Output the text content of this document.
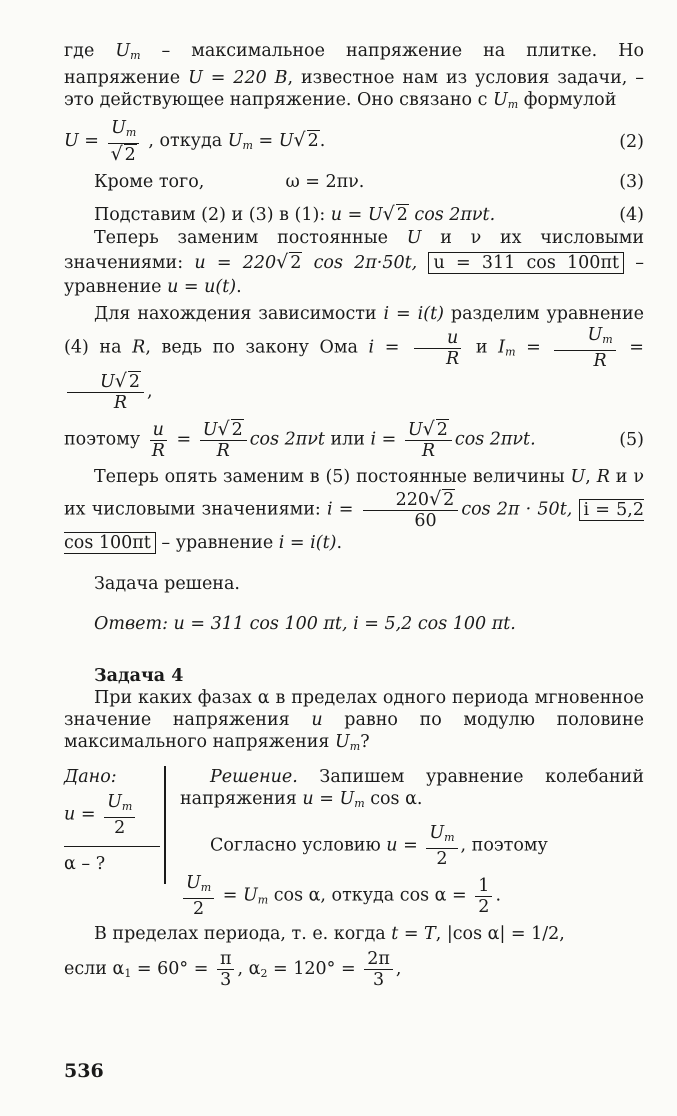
где $U_m$ – максимальное напряжение на плитке. Но напряжение U = 220 B, известное нам из условия задачи, – это действующее напряжение. Оно связано с $U_m$ формулой

$U = \frac{U_m}{√ 2}$ , откуда $U_m = U√$ 2.	(2)
Кроме того,	ω = 2πν.	(3)
Подставим (2) и (3) в (1): u = U√ 2 cos 2πνt.	(4)

Теперь заменим постоянные U и ν их числовыми значениями: u = 220√ 2 cos 2π·50t, u = 311 cos 100πt – уравнение u = u(t).

Для нахождения зависимости i = i(t) разделим уравнение (4) на R, ведь по закону Ома $i = \frac{u}{R}$ и $I_m = \frac{U_m}{R}$ =
$\frac{U√ 2}{R}$ ,

поэтому $\frac{u}{R} = \frac{U√ 2}{R}$ cos 2πνt или $i = \frac{U√ 2}{R}$ cos 2πνt.	(5)

Теперь опять заменим в (5) постоянные величины U, R и ν их числовыми значениями: $i = \frac{220√ 2}{60}$ cos 2π · 50t, i = 5,2 cos 100πt – уравнение i = i(t).

Задача решена.

Ответ: u = 311 cos 100 πt, i = 5,2 cos 100 πt.

Задача 4

При каких фазах α в пределах одного периода мгновенное значение напряжения u равно по модулю половине максимального напряжения $U_m$?

Дано:
$u = \frac{U_m}{2}$
α – ?

Решение. Запишем уравнение колебаний напряжения $u = U_m$ cos α.

Согласно условию $u = \frac{U_m}{2}$ , поэтому

$\frac{U_m}{2} = U_m$ cos α, откуда $\cos \alpha = \frac{1}{2}$ .

В пределах периода, т. е. когда t = T, |cos α| = 1/2,

если $\alpha_1 = 60^\circ = \frac{\pi}{3}$ , $\alpha_2 = 120^\circ = \frac{2\pi}{3}$ ,

536
